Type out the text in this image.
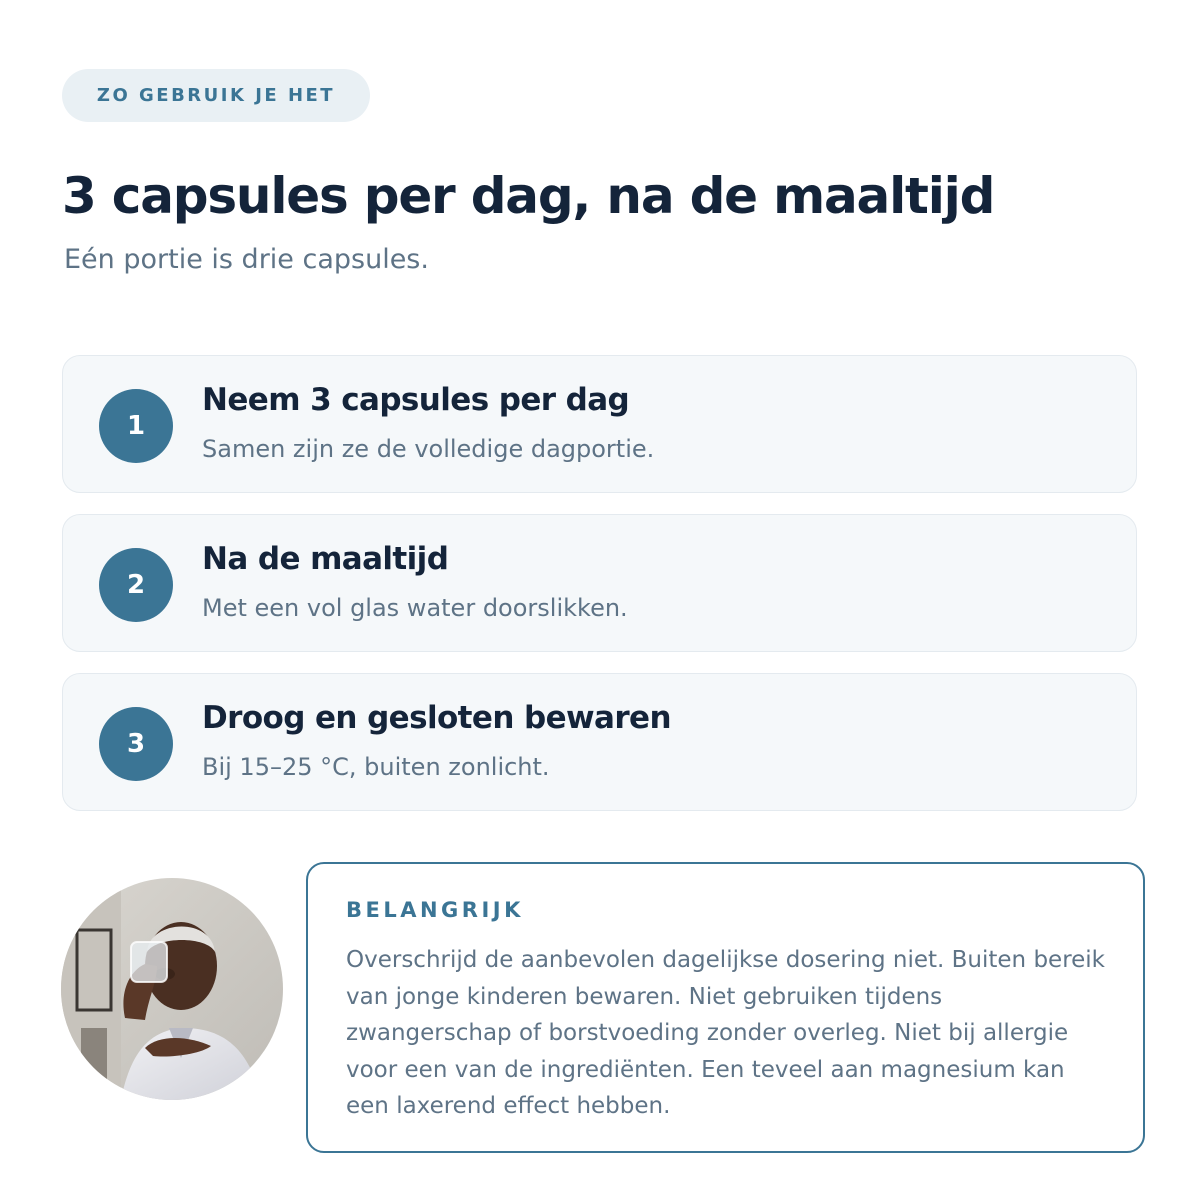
ZO GEBRUIK JE HET
3 capsules per dag, na de maaltijd

Eén portie is drie capsules.

1
Neem 3 capsules per dag
Samen zijn ze de volledige dagportie.
2
Na de maaltijd
Met een vol glas water doorslikken.
3
Droog en gesloten bewaren
Bij 15–25 °C, buiten zonlicht.
BELANGRIJK
Overschrijd de aanbevolen dagelijkse dosering niet. Buiten bereik van jonge kinderen bewaren. Niet gebruiken tijdens zwangerschap of borstvoeding zonder overleg. Niet bij allergie voor een van de ingrediënten. Een teveel aan magnesium kan een laxerend effect hebben.
